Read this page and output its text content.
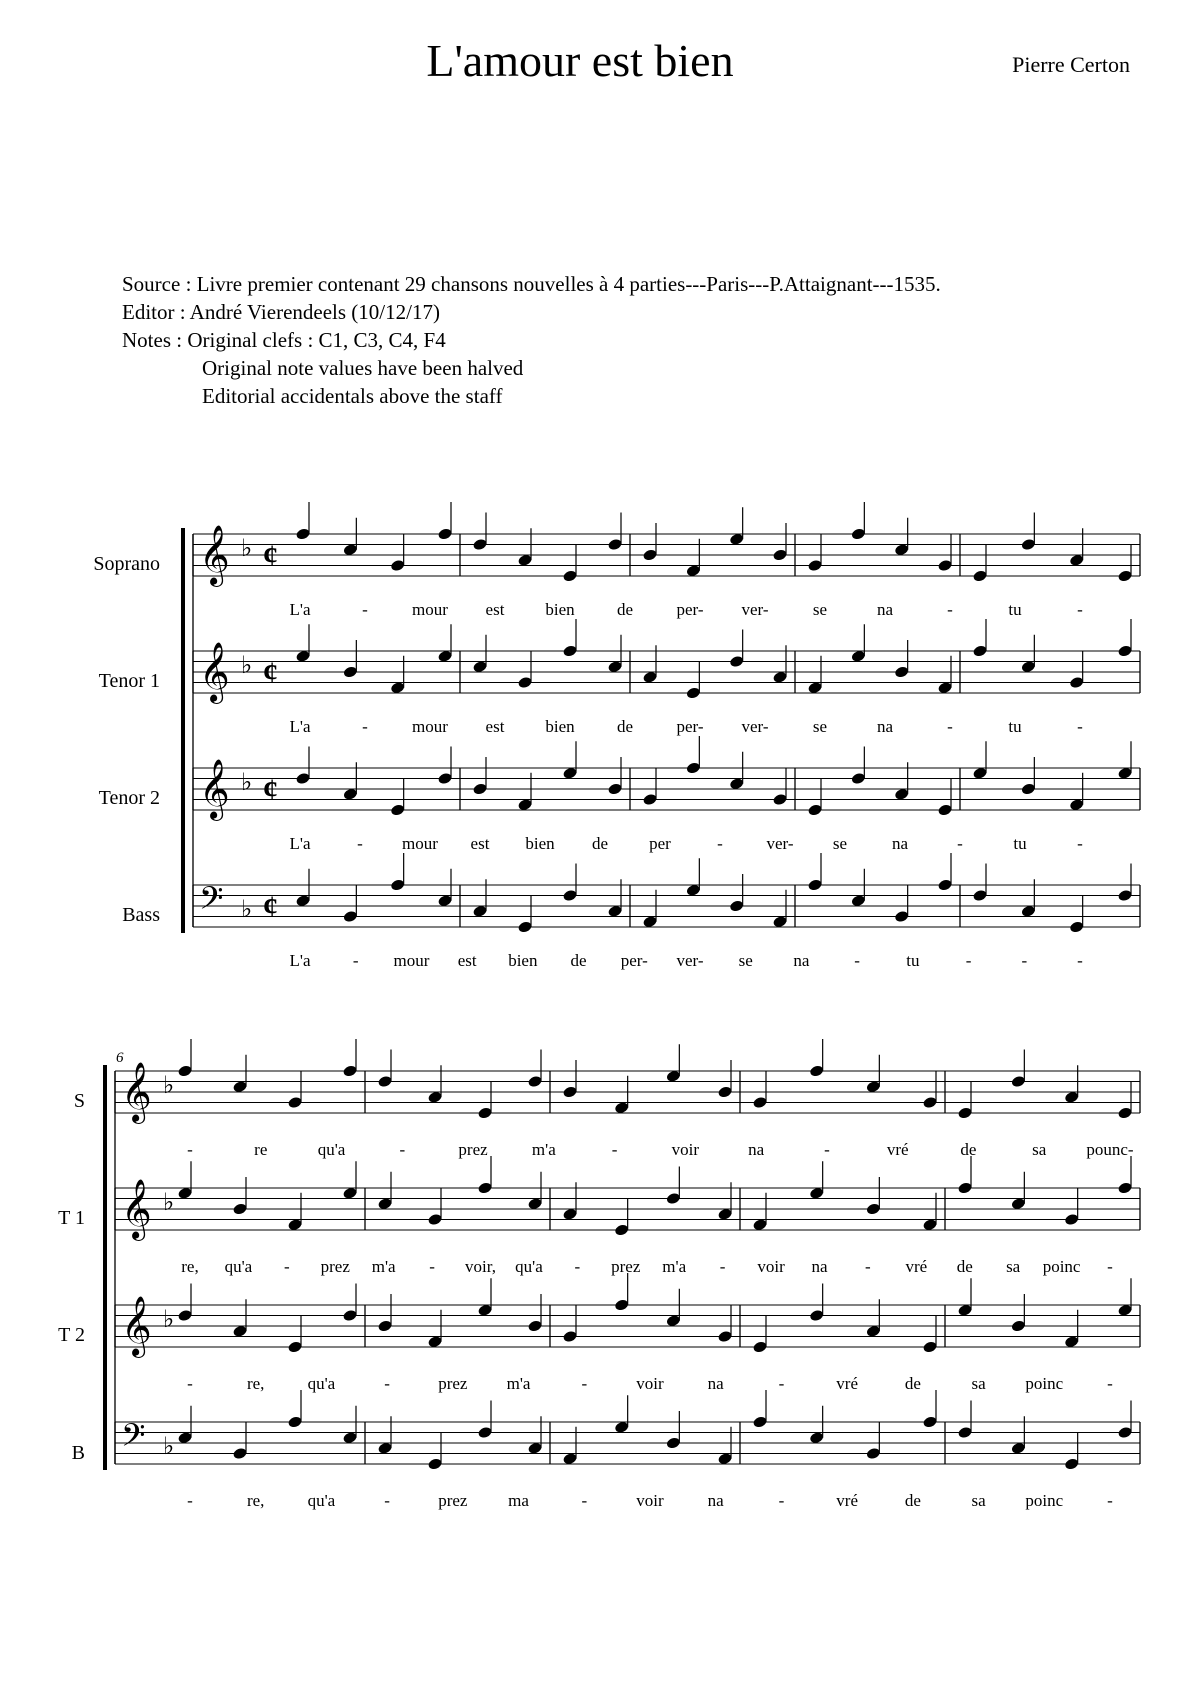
L'amour est bien	Pierre Certon
Source : Livre premier contenant 29 chansons nouvelles à 4 parties---Paris---P.Attaignant---1535.
Editor : André Vierendeels (10/12/17)
Notes : Original clefs : C1, C3, C4, F4
Original note values have been halved
Editorial accidentals above the staff
Soprano
Tenor 1
Tenor 2
Bass
S
T 1
T 2
B
6
𝄞 ♭ ¢
𝄞 ♭ ¢
𝄞 ♭ ¢
𝄢 ♭ ¢
𝄞 ♭
𝄞 ♭
𝄞 ♭
𝄢 ♭
L'a	-	mour est bien de	per- ver-	se	na	-	tu	-
L'a	-	mour est bien de	per- ver-	se	na	-	tu	-
L'a	- mour est bien de per	-	ver- se	na	-	tu	-
L'a - mour est bien de per- ver- se na	-	tu	-	-	-
-	re	qu'a	-	prez	m'a	-	voir	na	-	vré	de	sa pounc-
re, qu'a - prez m'a - voir, qu'a - prez m'a - voir na - vré de sa poinc -
-	re,	qu'a	-	prez m'a	-	voir	na	-	vré	de	sa poinc	-
-	re,	qu'a	-	prez ma	-	voir	na	-	vré	de	sa poinc	-
